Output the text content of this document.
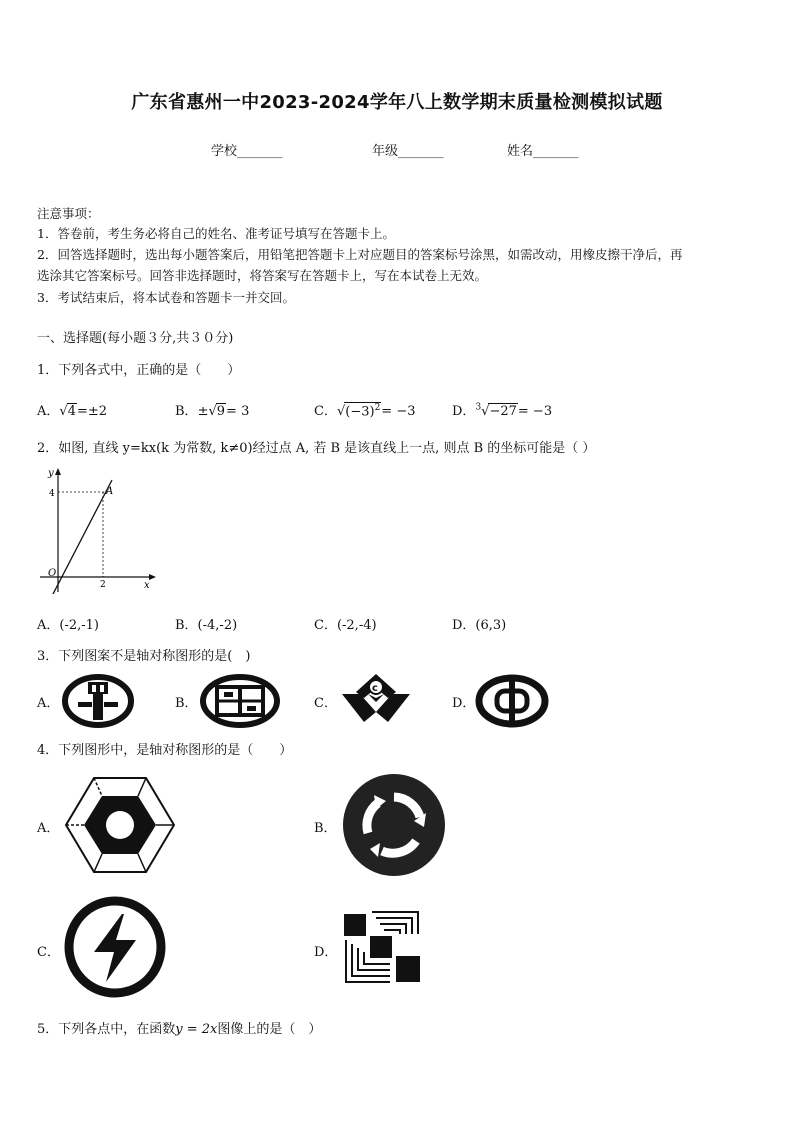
广东省惠州一中2023-2024学年八上数学期末质量检测模拟试题
学校_______	年级_______	姓名_______
注意事项：
1．答卷前，考生务必将自己的姓名、准考证号填写在答题卡上。
2．回答选择题时，选出每小题答案后，用铅笔把答题卡上对应题目的答案标号涂黑，如需改动，用橡皮擦干净后，再
选涂其它答案标号。回答非选择题时，将答案写在答题卡上，写在本试卷上无效。
3．考试结束后，将本试卷和答题卡一并交回。
一、选择题(每小题３分,共３０分)
1．下列各式中，正确的是（　　）
A．√4=±2	B．±√9= 3	C．$√(-3)^2= -3$	D．$^3$√−27= −3
2．如图, 直线 y=kx(k 为常数, k≠0)经过点 A, 若 B 是该直线上一点, 则点 B 的坐标可能是（ ）
y
x
O
4
2
A
A．(-2,-1)	B．(-4,-2)	C．(-2,-4)	D．(6,3)
3．下列图案不是轴对称图形的是(　)
A．	B．	C．
c
D．
4．下列图形中，是轴对称图形的是（　　）
A．	B．
C．	D．
5．下列各点中，在函数y = 2x图像上的是（　）
